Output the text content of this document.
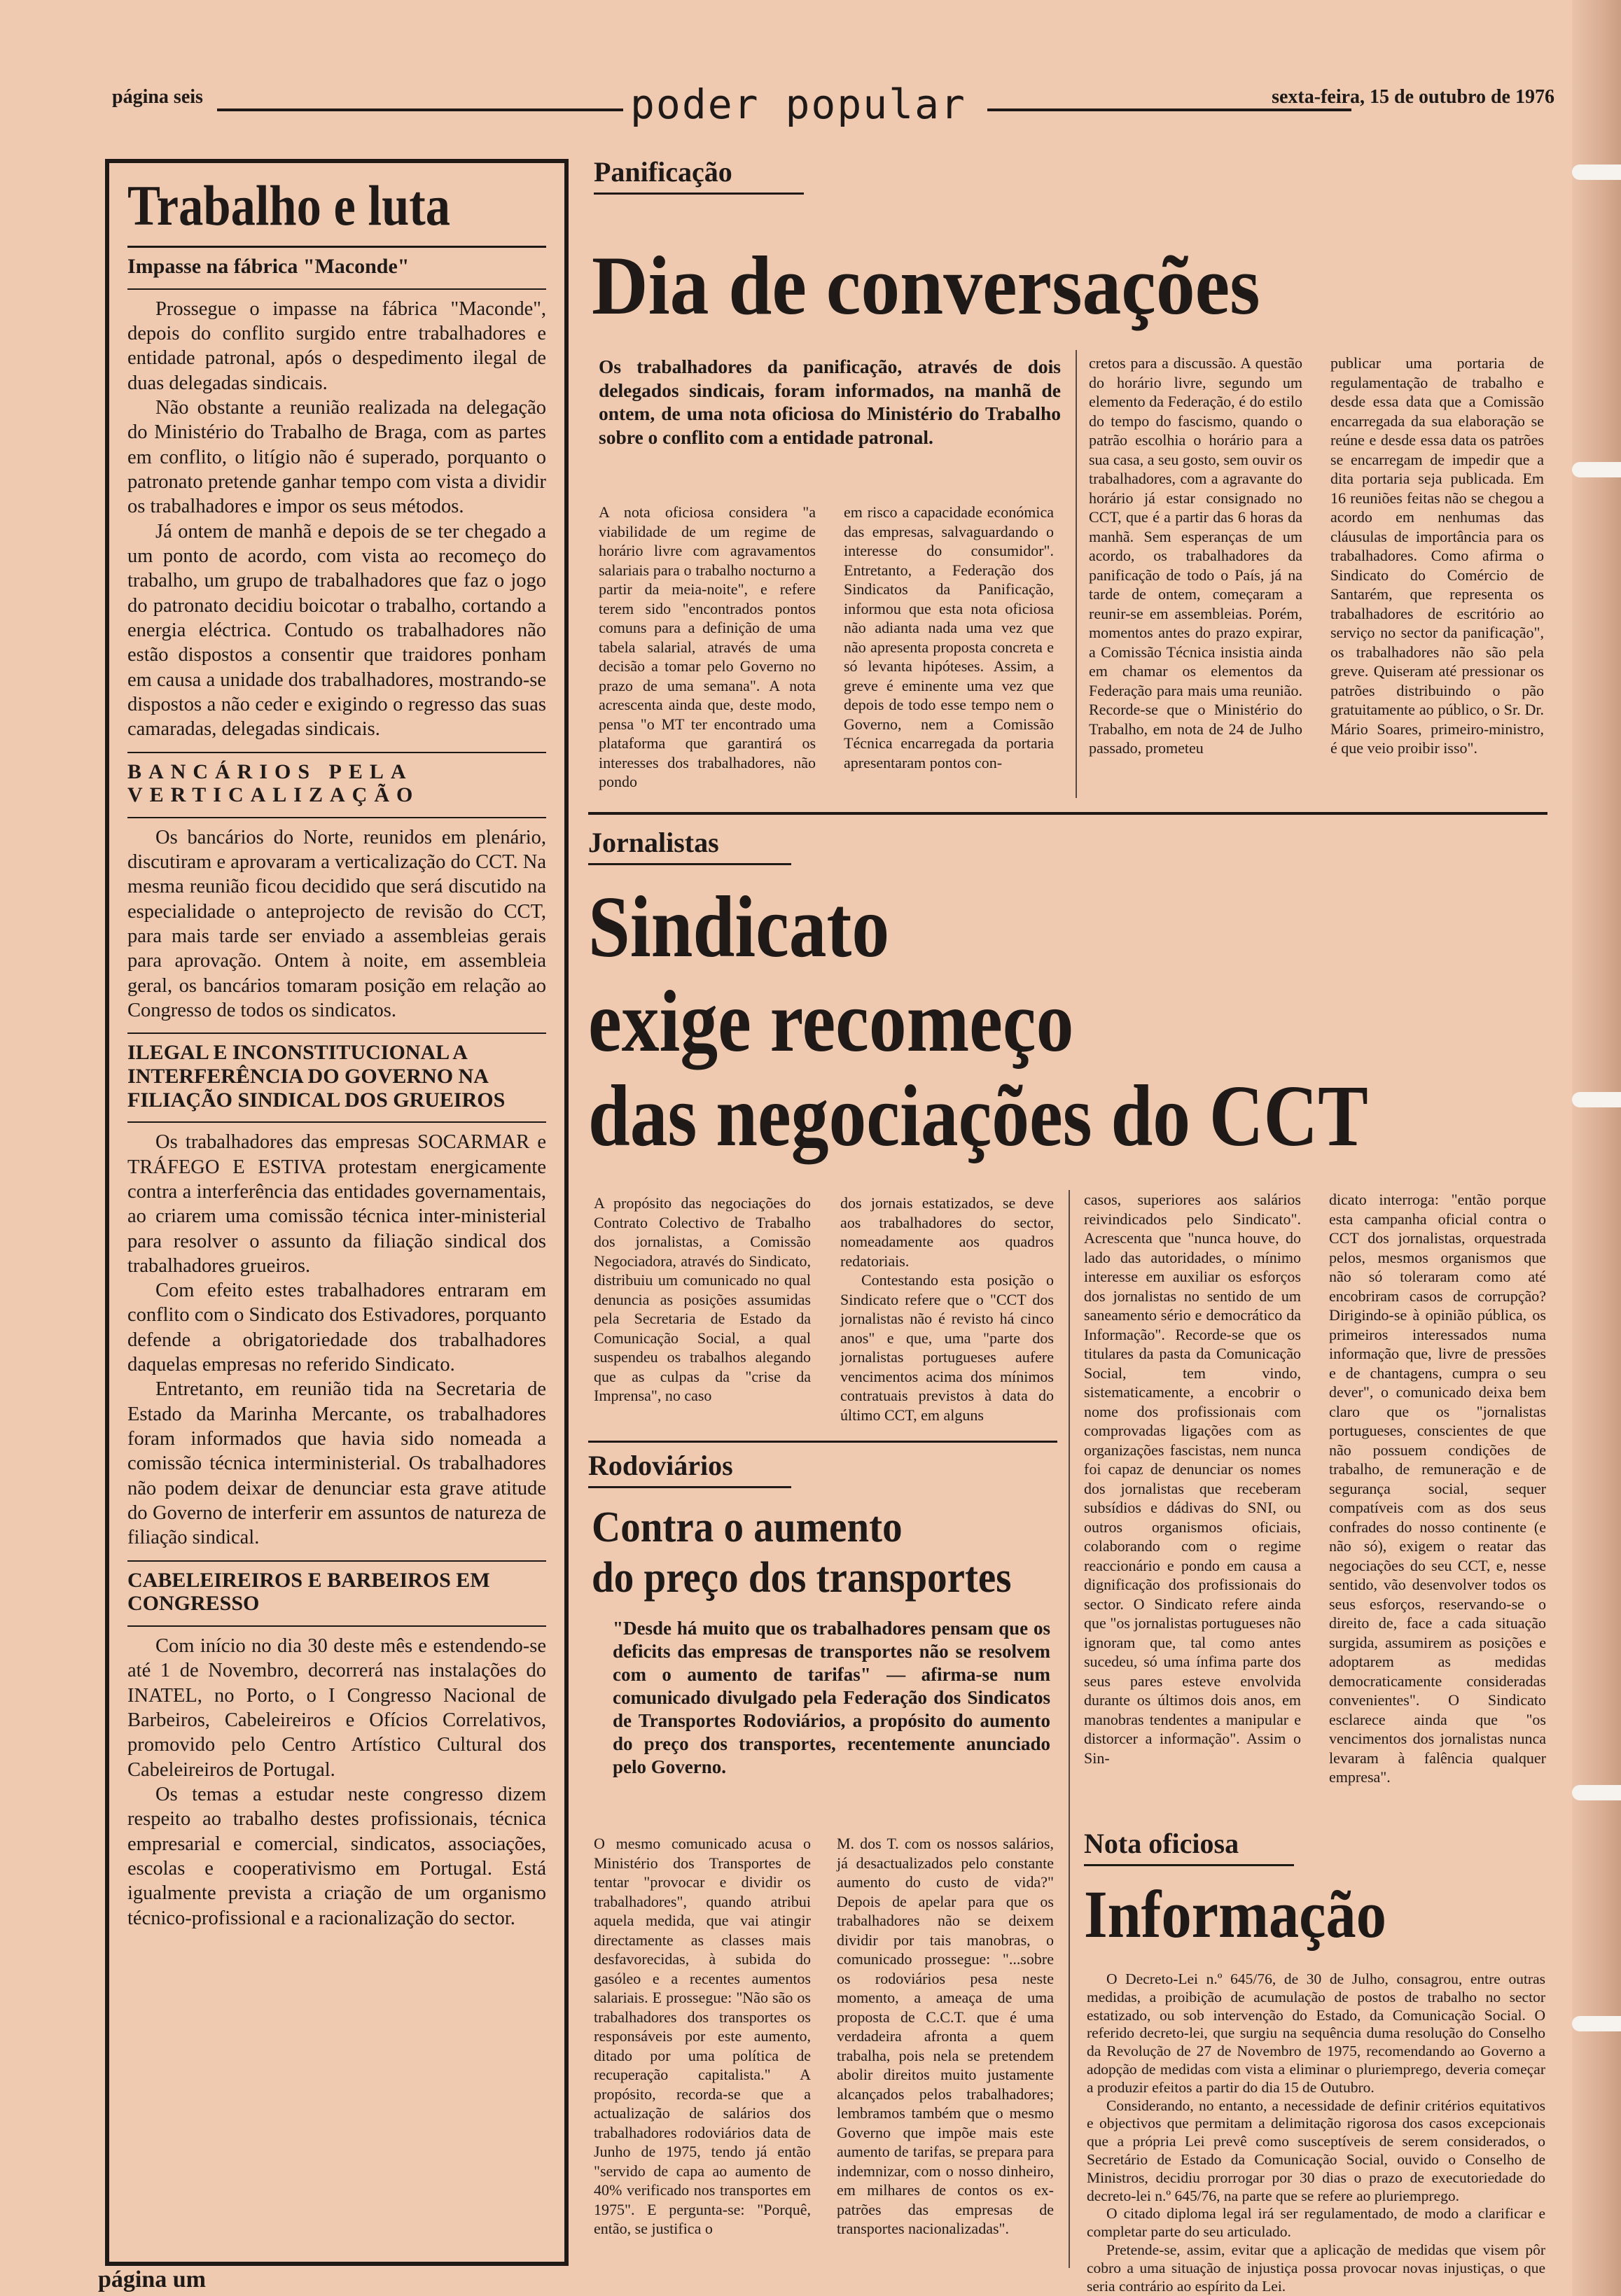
página seis	poder popular	sexta-feira, 15 de outubro de 1976
Trabalho e luta
Impasse na fábrica "Maconde"

Prossegue o impasse na fábrica "Maconde", depois do conflito surgido entre trabalhadores e entidade patronal, após o despedimento ilegal de duas delegadas sindicais.

Não obstante a reunião realizada na delegação do Ministério do Trabalho de Braga, com as partes em conflito, o litígio não é superado, porquanto o patronato pretende ganhar tempo com vista a dividir os trabalhadores e impor os seus métodos.

Já ontem de manhã e depois de se ter chegado a um ponto de acordo, com vista ao recomeço do trabalho, um grupo de trabalhadores que faz o jogo do patronato decidiu boicotar o trabalho, cortando a energia eléctrica. Contudo os trabalhadores não estão dispostos a consentir que traidores ponham em causa a unidade dos trabalhadores, mostrando-se dispostos a não ceder e exigindo o regresso das suas camaradas, delegadas sindicais.

BANCÁRIOS PELA VERTICALIZAÇÃO

Os bancários do Norte, reunidos em plenário, discutiram e aprovaram a verticalização do CCT. Na mesma reunião ficou decidido que será discutido na especialidade o anteprojecto de revisão do CCT, para mais tarde ser enviado a assembleias gerais para aprovação. Ontem à noite, em assembleia geral, os bancários tomaram posição em relação ao Congresso de todos os sindicatos.

ILEGAL E INCONSTITUCIONAL A INTERFERÊNCIA DO GOVERNO NA FILIAÇÃO SINDICAL DOS GRUEIROS

Os trabalhadores das empresas SOCARMAR e TRÁFEGO E ESTIVA protestam energicamente contra a interferência das entidades governamentais, ao criarem uma comissão técnica inter-ministerial para resolver o assunto da filiação sindical dos trabalhadores grueiros.

Com efeito estes trabalhadores entraram em conflito com o Sindicato dos Estivadores, porquanto defende a obrigatoriedade dos trabalhadores daquelas empresas no referido Sindicato.

Entretanto, em reunião tida na Secretaria de Estado da Marinha Mercante, os trabalhadores foram informados que havia sido nomeada a comissão técnica interministerial. Os trabalhadores não podem deixar de denunciar esta grave atitude do Governo de interferir em assuntos de natureza de filiação sindical.

CABELEIREIROS E BARBEIROS EM CONGRESSO

Com início no dia 30 deste mês e estendendo-se até 1 de Novembro, decorrerá nas instalações do INATEL, no Porto, o I Congresso Nacional de Barbeiros, Cabeleireiros e Ofícios Correlativos, promovido pelo Centro Artístico Cultural dos Cabeleireiros de Portugal.

Os temas a estudar neste congresso dizem respeito ao trabalho destes profissionais, técnica empresarial e comercial, sindicatos, associações, escolas e cooperativismo em Portugal. Está igualmente prevista a criação de um organismo técnico-profissional e a racionalização do sector.

Panificação
Dia de conversações
Os trabalhadores da panificação, através de dois delegados sindicais, foram informados, na manhã de ontem, de uma nota oficiosa do Ministério do Trabalho sobre o conflito com a entidade patronal.
A nota oficiosa considera "a viabilidade de um regime de horário livre com agravamentos salariais para o trabalho nocturno a partir da meia-noite", e refere terem sido "encontrados pontos comuns para a definição de uma tabela salarial, através de uma decisão a tomar pelo Governo no prazo de uma semana". A nota acrescenta ainda que, deste modo, pensa "o MT ter encontrado uma plataforma que garantirá os interesses dos trabalhadores, não pondo
em risco a capacidade económica das empresas, salvaguardando o interesse do consumidor". Entretanto, a Federação dos Sindicatos da Panificação, informou que esta nota oficiosa não adianta nada uma vez que não apresenta proposta concreta e só levanta hipóteses. Assim, a greve é eminente uma vez que depois de todo esse tempo nem o Governo, nem a Comissão Técnica encarregada da portaria apresentaram pontos con-
cretos para a discussão. A questão do horário livre, segundo um elemento da Federação, é do estilo do tempo do fascismo, quando o patrão escolhia o horário para a sua casa, a seu gosto, sem ouvir os trabalhadores, com a agravante do horário já estar consignado no CCT, que é a partir das 6 horas da manhã. Sem esperanças de um acordo, os trabalhadores da panificação de todo o País, já na tarde de ontem, começaram a reunir-se em assembleias. Porém, momentos antes do prazo expirar, a Comissão Técnica insistia ainda em chamar os elementos da Federação para mais uma reunião. Recorde-se que o Ministério do Trabalho, em nota de 24 de Julho passado, prometeu
publicar uma portaria de regulamentação de trabalho e desde essa data que a Comissão encarregada da sua elaboração se reúne e desde essa data os patrões se encarregam de impedir que a dita portaria seja publicada. Em 16 reuniões feitas não se chegou a acordo em nenhumas das cláusulas de importância para os trabalhadores. Como afirma o Sindicato do Comércio de Santarém, que representa os trabalhadores de escritório ao serviço no sector da panificação", os trabalhadores não são pela greve. Quiseram até pressionar os patrões distribuindo o pão gratuitamente ao público, o Sr. Dr. Mário Soares, primeiro-ministro, é que veio proibir isso".
Jornalistas
Sindicato
exige recomeço
das negociações do CCT
A propósito das negociações do Contrato Colectivo de Trabalho dos jornalistas, a Comissão Negociadora, através do Sindicato, distribuiu um comunicado no qual denuncia as posições assumidas pela Secretaria de Estado da Comunicação Social, a qual suspendeu os trabalhos alegando que as culpas da "crise da Imprensa", no caso
dos jornais estatizados, se deve aos trabalhadores do sector, nomeadamente aos quadros redatoriais.
Contestando esta posição o Sindicato refere que o "CCT dos jornalistas não é revisto há cinco anos" e que, uma "parte dos jornalistas portugueses aufere vencimentos acima dos mínimos contratuais previstos à data do último CCT, em alguns
casos, superiores aos salários reivindicados pelo Sindicato". Acrescenta que "nunca houve, do lado das autoridades, o mínimo interesse em auxiliar os esforços dos jornalistas no sentido de um saneamento sério e democrático da Informação". Recorde-se que os titulares da pasta da Comunicação Social, tem vindo, sistematicamente, a encobrir o nome dos profissionais com comprovadas ligações com as organizações fascistas, nem nunca foi capaz de denunciar os nomes dos jornalistas que receberam subsídios e dádivas do SNI, ou outros organismos oficiais, colaborando com o regime reaccionário e pondo em causa a dignificação dos profissionais do sector. O Sindicato refere ainda que "os jornalistas portugueses não ignoram que, tal como antes sucedeu, só uma ínfima parte dos seus pares esteve envolvida durante os últimos dois anos, em manobras tendentes a manipular e distorcer a informação". Assim o Sin-
dicato interroga: "então porque esta campanha oficial contra o CCT dos jornalistas, orquestrada pelos, mesmos organismos que não só toleraram como até encobriram casos de corrupção? Dirigindo-se à opinião pública, os primeiros interessados numa informação que, livre de pressões e de chantagens, cumpra o seu dever", o comunicado deixa bem claro que os "jornalistas portugueses, conscientes de que não possuem condições de trabalho, de remuneração e de segurança social, sequer compatíveis com as dos seus confrades do nosso continente (e não só), exigem o reatar das negociações do seu CCT, e, nesse sentido, vão desenvolver todos os seus esforços, reservando-se o direito de, face a cada situação surgida, assumirem as posições e adoptarem as medidas democraticamente consideradas convenientes". O Sindicato esclarece ainda que "os vencimentos dos jornalistas nunca levaram à falência qualquer empresa".
Rodoviários
Contra o aumento
do preço dos transportes
"Desde há muito que os trabalhadores pensam que os deficits das empresas de transportes não se resolvem com o aumento de tarifas" — afirma-se num comunicado divulgado pela Federação dos Sindicatos de Transportes Rodoviários, a propósito do aumento do preço dos transportes, recentemente anunciado pelo Governo.
O mesmo comunicado acusa o Ministério dos Transportes de tentar "provocar e dividir os trabalhadores", quando atribui aquela medida, que vai atingir directamente as classes mais desfavorecidas, à subida do gasóleo e a recentes aumentos salariais. E prossegue: "Não são os trabalhadores dos transportes os responsáveis por este aumento, ditado por uma política de recuperação capitalista." A propósito, recorda-se que a actualização de salários dos trabalhadores rodoviários data de Junho de 1975, tendo já então "servido de capa ao aumento de 40% verificado nos transportes em 1975". E pergunta-se: "Porquê, então, se justifica o
M. dos T. com os nossos salários, já desactualizados pelo constante aumento do custo de vida?" Depois de apelar para que os trabalhadores não se deixem dividir por tais manobras, o comunicado prossegue: "...sobre os rodoviários pesa neste momento, a ameaça de uma proposta de C.C.T. que é uma verdadeira afronta a quem trabalha, pois nela se pretendem abolir direitos muito justamente alcançados pelos trabalhadores; lembramos também que o mesmo Governo que impõe mais este aumento de tarifas, se prepara para indemnizar, com o nosso dinheiro, em milhares de contos os ex-patrões das empresas de transportes nacionalizadas".
Nota oficiosa
Informação

O Decreto-Lei n.º 645/76, de 30 de Julho, consagrou, entre outras medidas, a proibição de acumulação de postos de trabalho no sector estatizado, ou sob intervenção do Estado, da Comunicação Social. O referido decreto-lei, que surgiu na sequência duma resolução do Conselho da Revolução de 27 de Novembro de 1975, recomendando ao Governo a adopção de medidas com vista a eliminar o pluriemprego, deveria começar a produzir efeitos a partir do dia 15 de Outubro.

Considerando, no entanto, a necessidade de definir critérios equitativos e objectivos que permitam a delimitação rigorosa dos casos excepcionais que a própria Lei prevê como susceptíveis de serem considerados, o Secretário de Estado da Comunicação Social, ouvido o Conselho de Ministros, decidiu prorrogar por 30 dias o prazo de executoriedade do decreto-lei n.º 645/76, na parte que se refere ao pluriemprego.

O citado diploma legal irá ser regulamentado, de modo a clarificar e completar parte do seu articulado.

Pretende-se, assim, evitar que a aplicação de medidas que visem pôr cobro a uma situação de injustiça possa provocar novas injustiças, o que seria contrário ao espírito da Lei.

página um
